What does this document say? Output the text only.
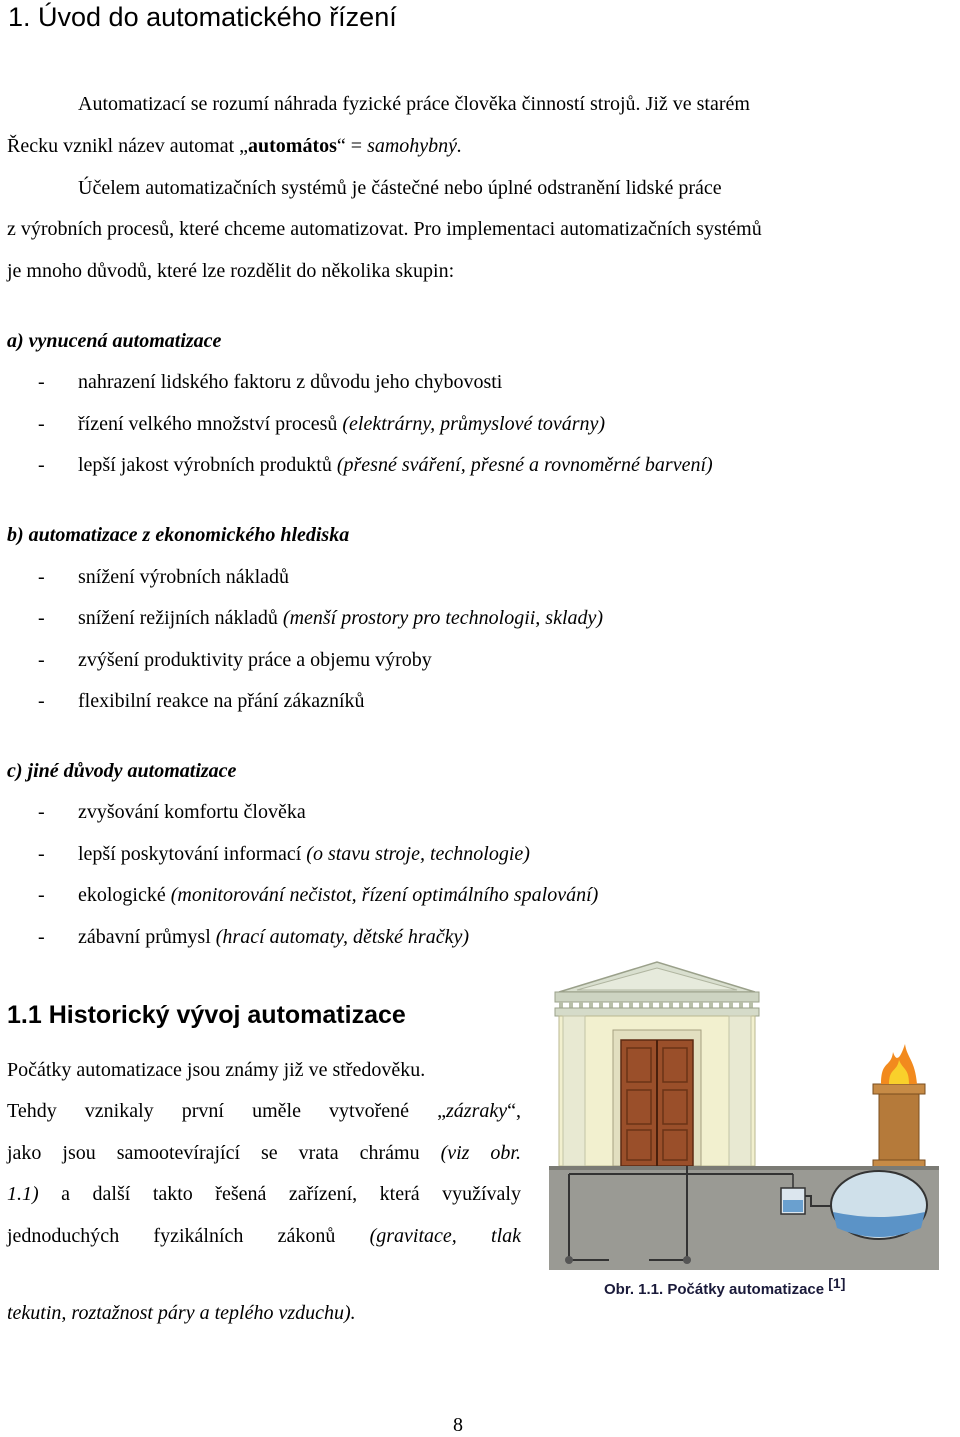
1. Úvod do automatického řízení
Automatizací se rozumí náhrada fyzické práce člověka činností strojů. Již ve starém
Řecku vznikl název automat „automátos“ = samohybný.
Účelem automatizačních systémů je částečné nebo úplné odstranění lidské práce
z výrobních procesů, které chceme automatizovat. Pro implementaci automatizačních systémů
je mnoho důvodů, které lze rozdělit do několika skupin:
a) vynucená automatizace
- nahrazení lidského faktoru z důvodu jeho chybovosti
- řízení velkého množství procesů (elektrárny, průmyslové továrny)
- lepší jakost výrobních produktů (přesné sváření, přesné a rovnoměrné barvení)
b) automatizace z ekonomického hlediska
- snížení výrobních nákladů
- snížení režijních nákladů (menší prostory pro technologii, sklady)
- zvýšení produktivity práce a objemu výroby
- flexibilní reakce na přání zákazníků
c) jiné důvody automatizace
- zvyšování komfortu člověka
- lepší poskytování informací (o stavu stroje, technologie)
- ekologické (monitorování nečistot, řízení optimálního spalování)
- zábavní průmysl (hrací automaty, dětské hračky)
1.1 Historický vývoj automatizace
Počátky automatizace jsou známy již ve středověku.
Tehdy vznikaly první uměle vytvořené „zázraky“,
jako jsou samootevírající se vrata chrámu (viz obr.
1.1) a další takto řešená zařízení, která využívaly
jednoduchých fyzikálních zákonů (gravitace, tlak
tekutin, roztažnost páry a teplého vzduchu).
Obr. 1.1. Počátky automatizace [1]
8
